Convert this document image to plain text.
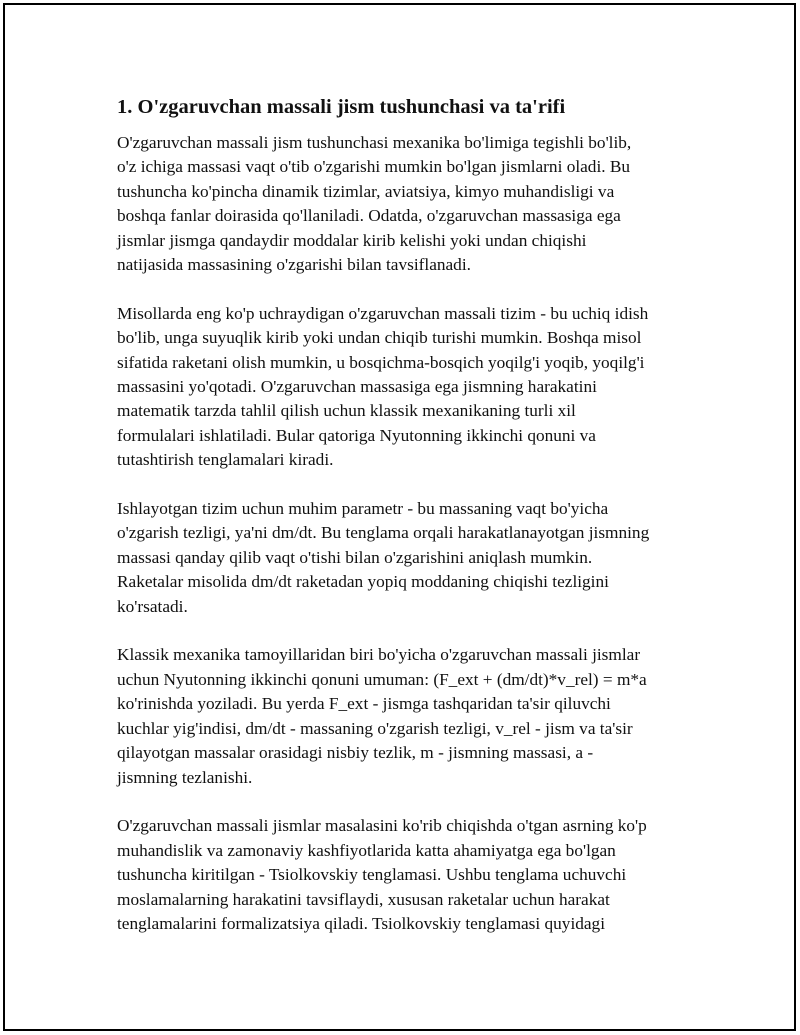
1. O'zgaruvchan massali jism tushunchasi va ta'rifi
O'zgaruvchan massali jism tushunchasi mexanika bo'limiga tegishli bo'lib,
o'z ichiga massasi vaqt o'tib o'zgarishi mumkin bo'lgan jismlarni oladi. Bu
tushuncha ko'pincha dinamik tizimlar, aviatsiya, kimyo muhandisligi va
boshqa fanlar doirasida qo'llaniladi. Odatda, o'zgaruvchan massasiga ega
jismlar jismga qandaydir moddalar kirib kelishi yoki undan chiqishi
natijasida massasining o'zgarishi bilan tavsiflanadi.
Misollarda eng ko'p uchraydigan o'zgaruvchan massali tizim - bu uchiq idish
bo'lib, unga suyuqlik kirib yoki undan chiqib turishi mumkin. Boshqa misol
sifatida raketani olish mumkin, u bosqichma-bosqich yoqilg'i yoqib, yoqilg'i
massasini yo'qotadi. O'zgaruvchan massasiga ega jismning harakatini
matematik tarzda tahlil qilish uchun klassik mexanikaning turli xil
formulalari ishlatiladi. Bular qatoriga Nyutonning ikkinchi qonuni va
tutashtirish tenglamalari kiradi.
Ishlayotgan tizim uchun muhim parametr - bu massaning vaqt bo'yicha
o'zgarish tezligi, ya'ni dm/dt. Bu tenglama orqali harakatlanayotgan jismning
massasi qanday qilib vaqt o'tishi bilan o'zgarishini aniqlash mumkin.
Raketalar misolida dm/dt raketadan yopiq moddaning chiqishi tezligini
ko'rsatadi.
Klassik mexanika tamoyillaridan biri bo'yicha o'zgaruvchan massali jismlar
uchun Nyutonning ikkinchi qonuni umuman: (F_ext + (dm/dt)*v_rel) = m*a
ko'rinishda yoziladi. Bu yerda F_ext - jismga tashqaridan ta'sir qiluvchi
kuchlar yig'indisi, dm/dt - massaning o'zgarish tezligi, v_rel - jism va ta'sir
qilayotgan massalar orasidagi nisbiy tezlik, m - jismning massasi, a -
jismning tezlanishi.
O'zgaruvchan massali jismlar masalasini ko'rib chiqishda o'tgan asrning ko'p
muhandislik va zamonaviy kashfiyotlarida katta ahamiyatga ega bo'lgan
tushuncha kiritilgan - Tsiolkovskiy tenglamasi. Ushbu tenglama uchuvchi
moslamalarning harakatini tavsiflaydi, xususan raketalar uchun harakat
tenglamalarini formalizatsiya qiladi. Tsiolkovskiy tenglamasi quyidagi
